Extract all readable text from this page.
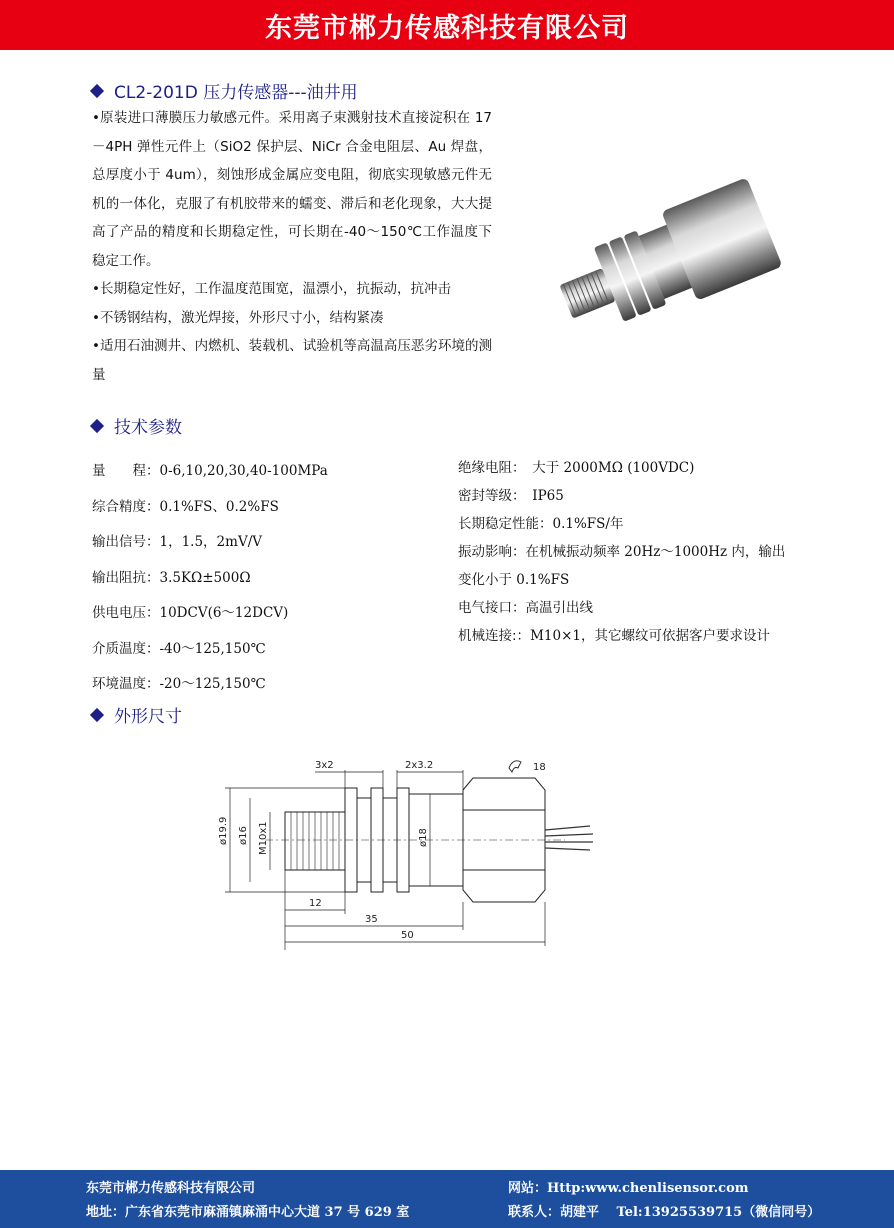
东莞市郴力传感科技有限公司
CL2-201D 压力传感器---油井用

•原装进口薄膜压力敏感元件。采用离子束溅射技术直接淀积在 17－4PH 弹性元件上（SiO2 保护层、NiCr 合金电阻层、Au 焊盘，总厚度小于 4um），刻蚀形成金属应变电阻，彻底实现敏感元件无机的一体化，克服了有机胶带来的蠕变、滞后和老化现象，大大提高了产品的精度和长期稳定性，可长期在-40～150℃工作温度下稳定工作。

•长期稳定性好，工作温度范围宽，温漂小，抗振动，抗冲击

•不锈钢结构，激光焊接，外形尺寸小，结构紧凑

•适用石油测井、内燃机、装载机、试验机等高温高压恶劣环境的测量

技术参数
量　　程：0-6,10,20,30,40-100MPa
综合精度：0.1%FS、0.2%FS
输出信号：1，1.5，2mV/V
输出阻抗：3.5KΩ±500Ω
供电电压：10DCV(6～12DCV)
介质温度：-40～125,150℃
环境温度：-20～125,150℃
绝缘电阻：　大于 2000MΩ (100VDC)
密封等级：　IP65
长期稳定性能：0.1%FS/年
振动影响：在机械振动频率 20Hz～1000Hz 内，输出
变化小于 0.1%FS
电气接口：高温引出线
机械连接:：M10×1，其它螺纹可依据客户要求设计
外形尺寸
3x2	2x3.2	18
ø19.9 ø16 M10x1	ø18
12
35
50
东莞市郴力传感科技有限公司
地址：广东省东莞市麻涌镇麻涌中心大道 37 号 629 室
网站：Http:www.chenlisensor.com
联系人：胡建平　 Tel:13925539715（微信同号）
